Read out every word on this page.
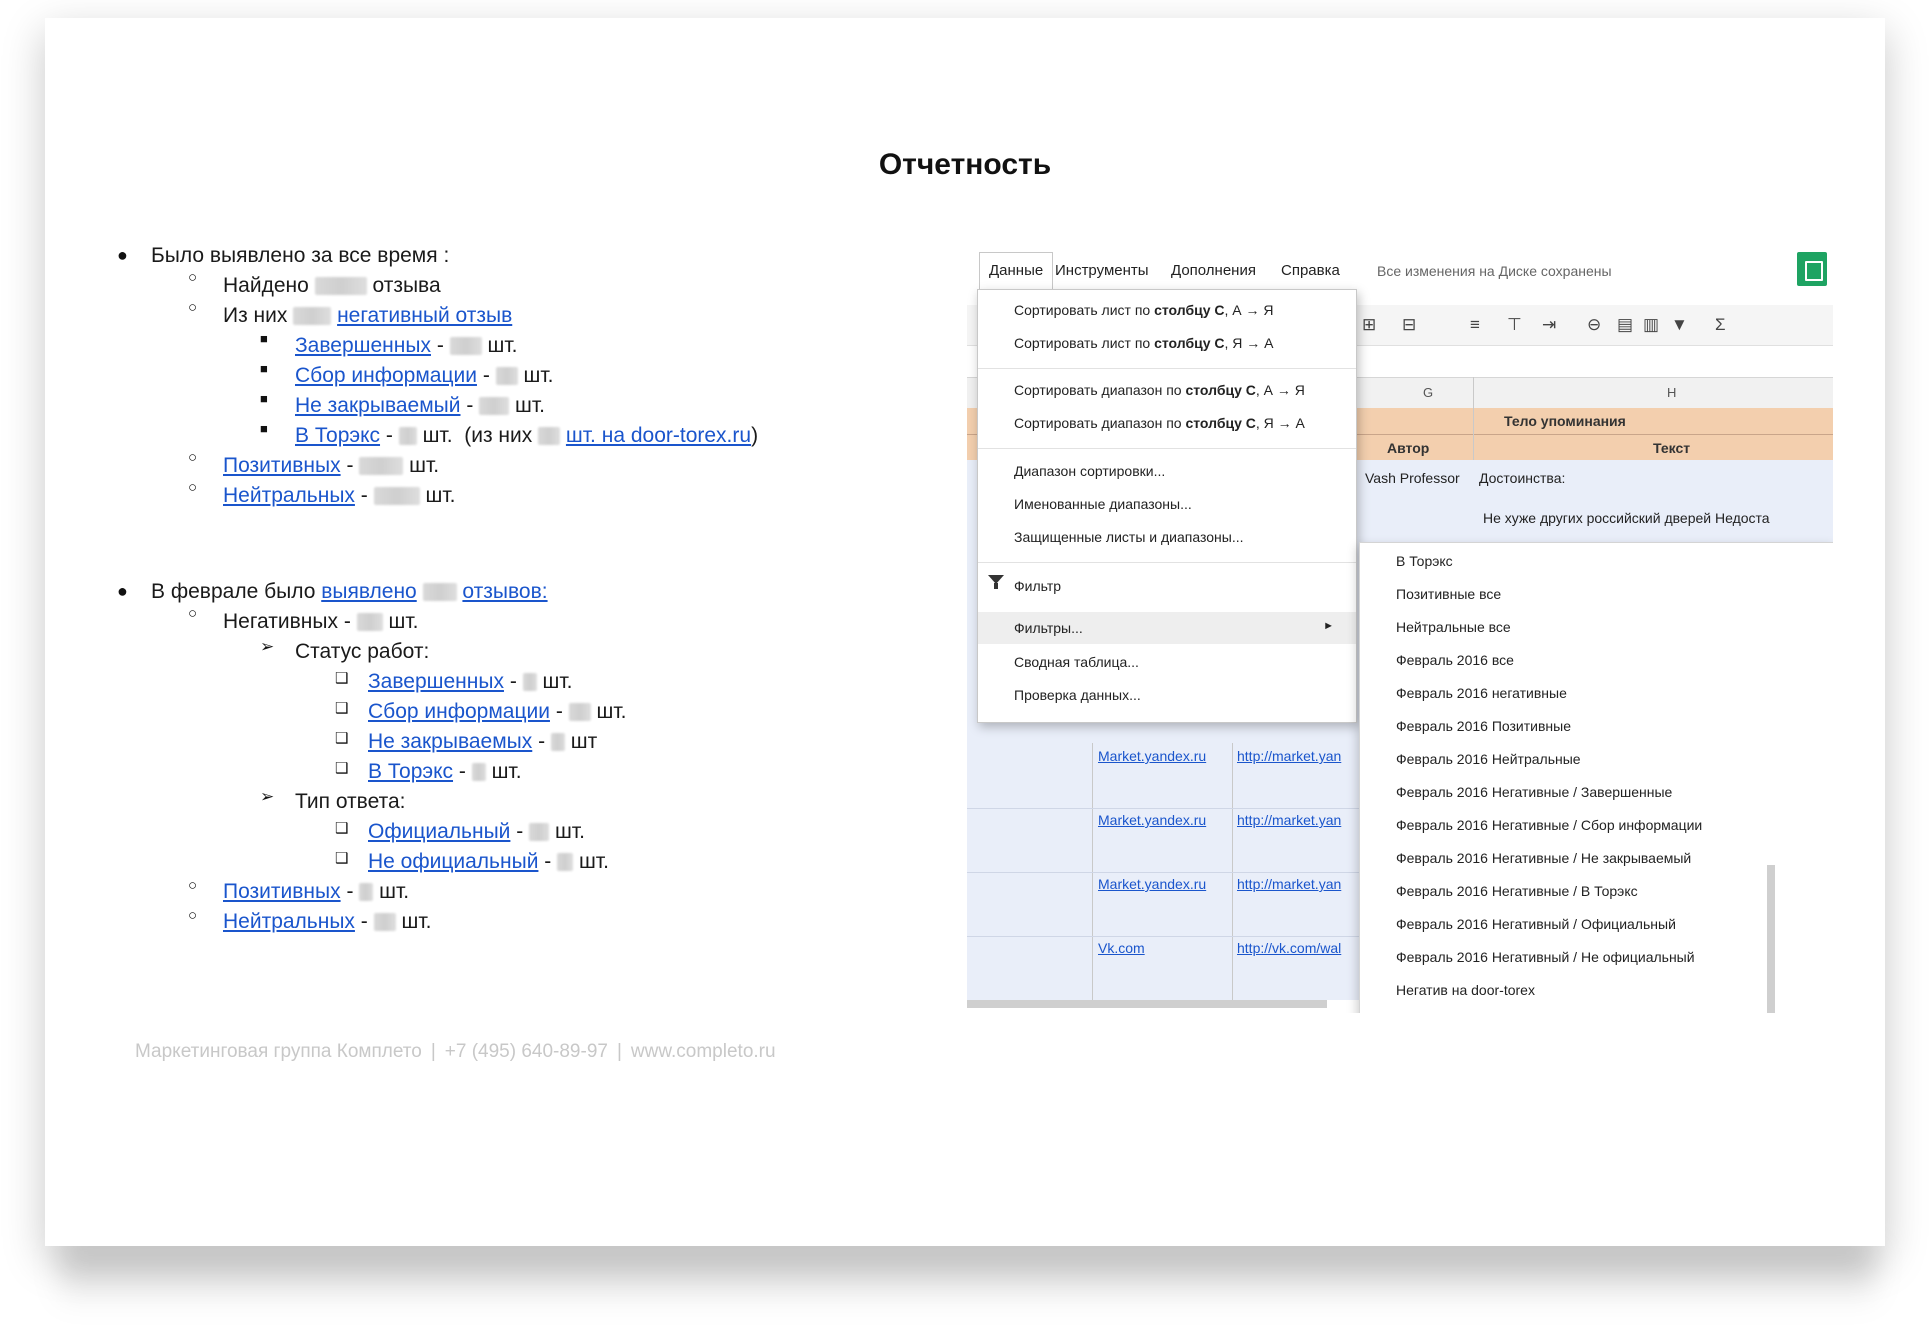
Отчетность
● Было выявлено за все время :
○ Найдено	отзыва
○ Из них негативный отзыв
■ Завершенных - шт.
■ Сбор информации - шт.
■ Не закрываемый - шт.
■ В Торэкс - шт. (из них шт. на door-torex.ru)
○ Позитивных -	шт.
○ Нейтральных -	шт.
● В феврале было выявлено отзывов:
○ Негативных - шт.
➢ Статус работ:
❑ Завершенных - шт.
❑ Сбор информации - шт.
❑ Не закрываемых - шт
❑ В Торэкс - шт.
➢ Тип ответа:
❑ Официальный - шт.
❑ Не официальный - шт.
○ Позитивных - шт.
○ Нейтральных - шт.
Данные Инструменты Дополнения Справка	Все изменения на Диске сохранены
⊞ ⊟	≡ ⊤ ⇥ ⊖ ▤ ▥ ▼ Σ
G	H
Тело упоминания
Автор	Текст
Vash Professor Достоинства:
Не хуже других российский дверей Недоста
Market.yandex.ru http://market.yan
Market.yandex.ru http://market.yan
Market.yandex.ru http://market.yan
Vk.com	http://vk.com/wal
Сортировать лист по столбцу С, А → Я
Сортировать лист по столбцу С, Я → А
Сортировать диапазон по столбцу С, А → Я
Сортировать диапазон по столбцу С, Я → А
Диапазон сортировки...
Именованные диапазоны...
Защищенные листы и диапазоны...
Фильтр
Фильтры...	►
Сводная таблица...
Проверка данных...
В Торэкс
Позитивные все
Нейтральные все
Февраль 2016 все
Февраль 2016 негативные
Февраль 2016 Позитивные
Февраль 2016 Нейтральные
Февраль 2016 Негативные / Завершенные
Февраль 2016 Негативные / Сбор информации
Февраль 2016 Негативные / Не закрываемый
Февраль 2016 Негативные / В Торэкс
Февраль 2016 Негативный / Официальный
Февраль 2016 Негативный / Не официальный
Негатив на door-torex
Маркетинговая группа Комплето | +7 (495) 640-89-97 | www.completo.ru
